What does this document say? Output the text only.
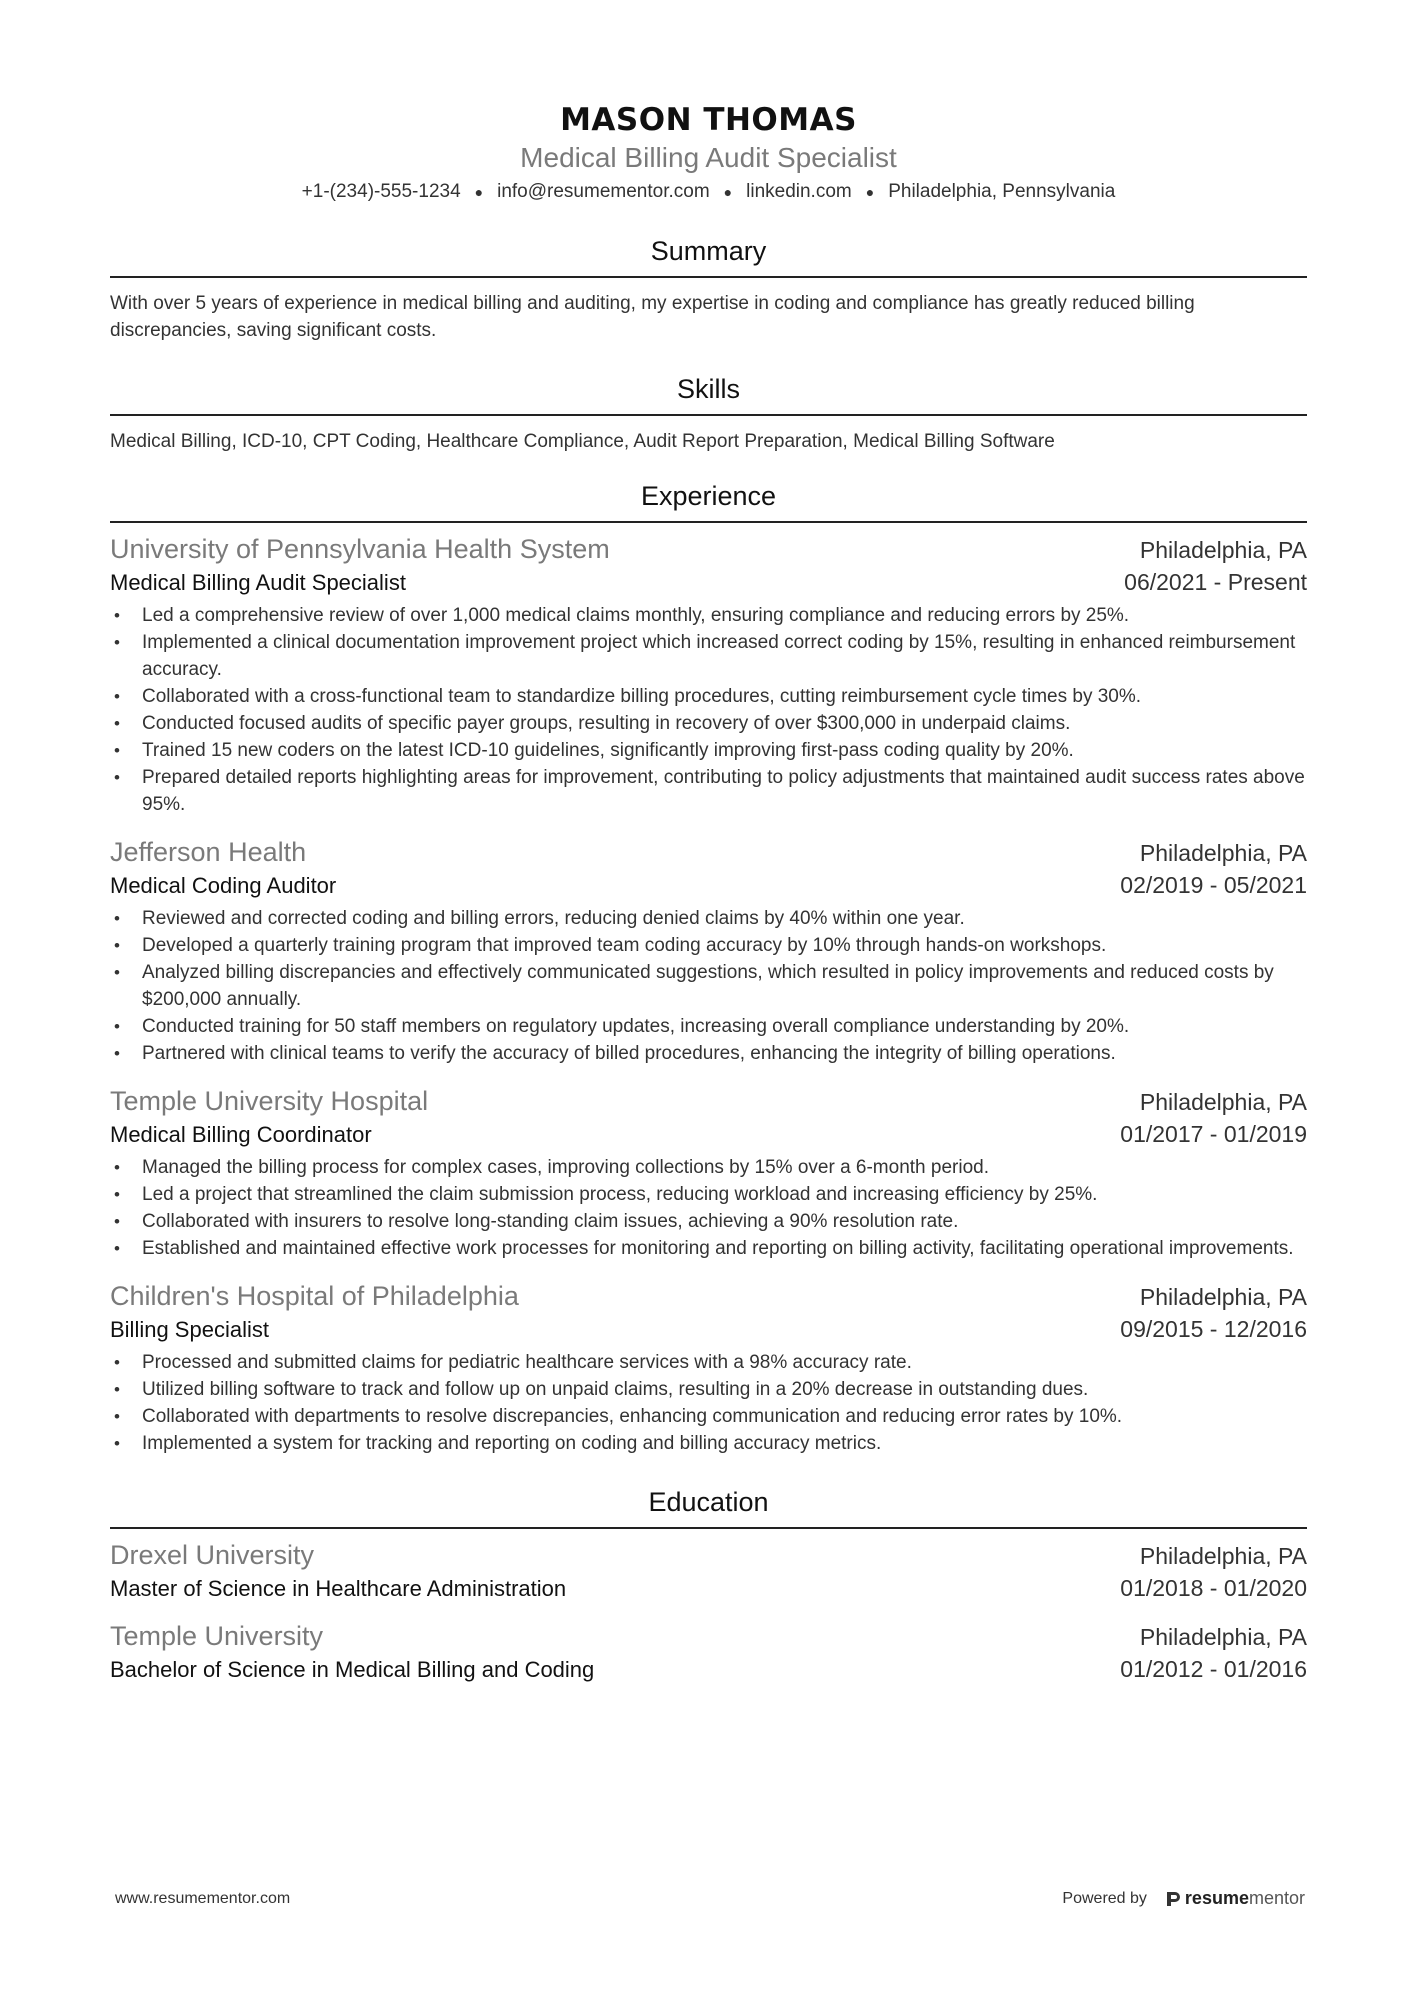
MASON THOMAS
Medical Billing Audit Specialist
+1-(234)-555-1234 ● info@resumementor.com ● linkedin.com ● Philadelphia, Pennsylvania
Summary

With over 5 years of experience in medical billing and auditing, my expertise in coding and compliance has greatly reduced billing discrepancies, saving significant costs.

Skills

Medical Billing, ICD-10, CPT Coding, Healthcare Compliance, Audit Report Preparation, Medical Billing Software

Experience
University of Pennsylvania Health System	Philadelphia, PA
Medical Billing Audit Specialist	06/2021 - Present
• Led a comprehensive review of over 1,000 medical claims monthly, ensuring compliance and reducing errors by 25%.
• Implemented a clinical documentation improvement project which increased correct coding by 15%, resulting in enhanced reimbursement accuracy.
• Collaborated with a cross-functional team to standardize billing procedures, cutting reimbursement cycle times by 30%.
• Conducted focused audits of specific payer groups, resulting in recovery of over $300,000 in underpaid claims.
• Trained 15 new coders on the latest ICD-10 guidelines, significantly improving first-pass coding quality by 20%.
• Prepared detailed reports highlighting areas for improvement, contributing to policy adjustments that maintained audit success rates above 95%.
Jefferson Health	Philadelphia, PA
Medical Coding Auditor	02/2019 - 05/2021
• Reviewed and corrected coding and billing errors, reducing denied claims by 40% within one year.
• Developed a quarterly training program that improved team coding accuracy by 10% through hands-on workshops.
• Analyzed billing discrepancies and effectively communicated suggestions, which resulted in policy improvements and reduced costs by $200,000 annually.
• Conducted training for 50 staff members on regulatory updates, increasing overall compliance understanding by 20%.
• Partnered with clinical teams to verify the accuracy of billed procedures, enhancing the integrity of billing operations.
Temple University Hospital	Philadelphia, PA
Medical Billing Coordinator	01/2017 - 01/2019
• Managed the billing process for complex cases, improving collections by 15% over a 6-month period.
• Led a project that streamlined the claim submission process, reducing workload and increasing efficiency by 25%.
• Collaborated with insurers to resolve long-standing claim issues, achieving a 90% resolution rate.
• Established and maintained effective work processes for monitoring and reporting on billing activity, facilitating operational improvements.
Children's Hospital of Philadelphia	Philadelphia, PA
Billing Specialist	09/2015 - 12/2016
• Processed and submitted claims for pediatric healthcare services with a 98% accuracy rate.
• Utilized billing software to track and follow up on unpaid claims, resulting in a 20% decrease in outstanding dues.
• Collaborated with departments to resolve discrepancies, enhancing communication and reducing error rates by 10%.
• Implemented a system for tracking and reporting on coding and billing accuracy metrics.
Education
Drexel University	Philadelphia, PA
Master of Science in Healthcare Administration	01/2018 - 01/2020
Temple University	Philadelphia, PA
Bachelor of Science in Medical Billing and Coding	01/2012 - 01/2016
www.resumementor.com	Powered by resume mentor
